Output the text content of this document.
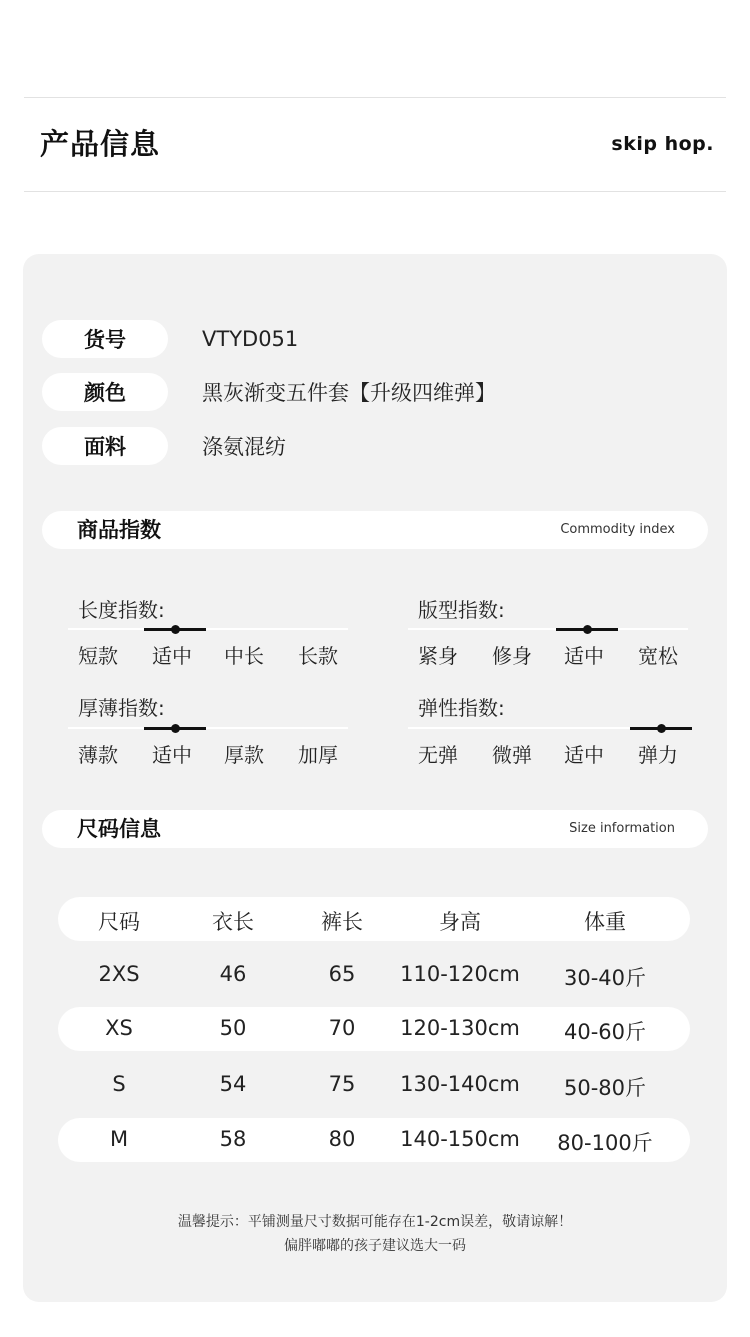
产品信息	skip hop.
货号	VTYD051
颜色	黑灰渐变五件套【升级四维弹】
面料	涤氨混纺
商品指数	Commodity index
长度指数:
短款 适中 中长 长款
版型指数:
紧身 修身 适中 宽松
厚薄指数:
薄款 适中 厚款 加厚
弹性指数:
无弹 微弹 适中 弹力
尺码信息	Size information
尺码	衣长	裤长	身高	体重
2XS	46	65	110-120cm	30-40斤
XS	50	70	120-130cm	40-60斤
S	54	75	130-140cm	50-80斤
M	58	80	140-150cm	80-100斤
温馨提示：平铺测量尺寸数据可能存在1-2cm误差，敬请谅解！
偏胖嘟嘟的孩子建议选大一码
